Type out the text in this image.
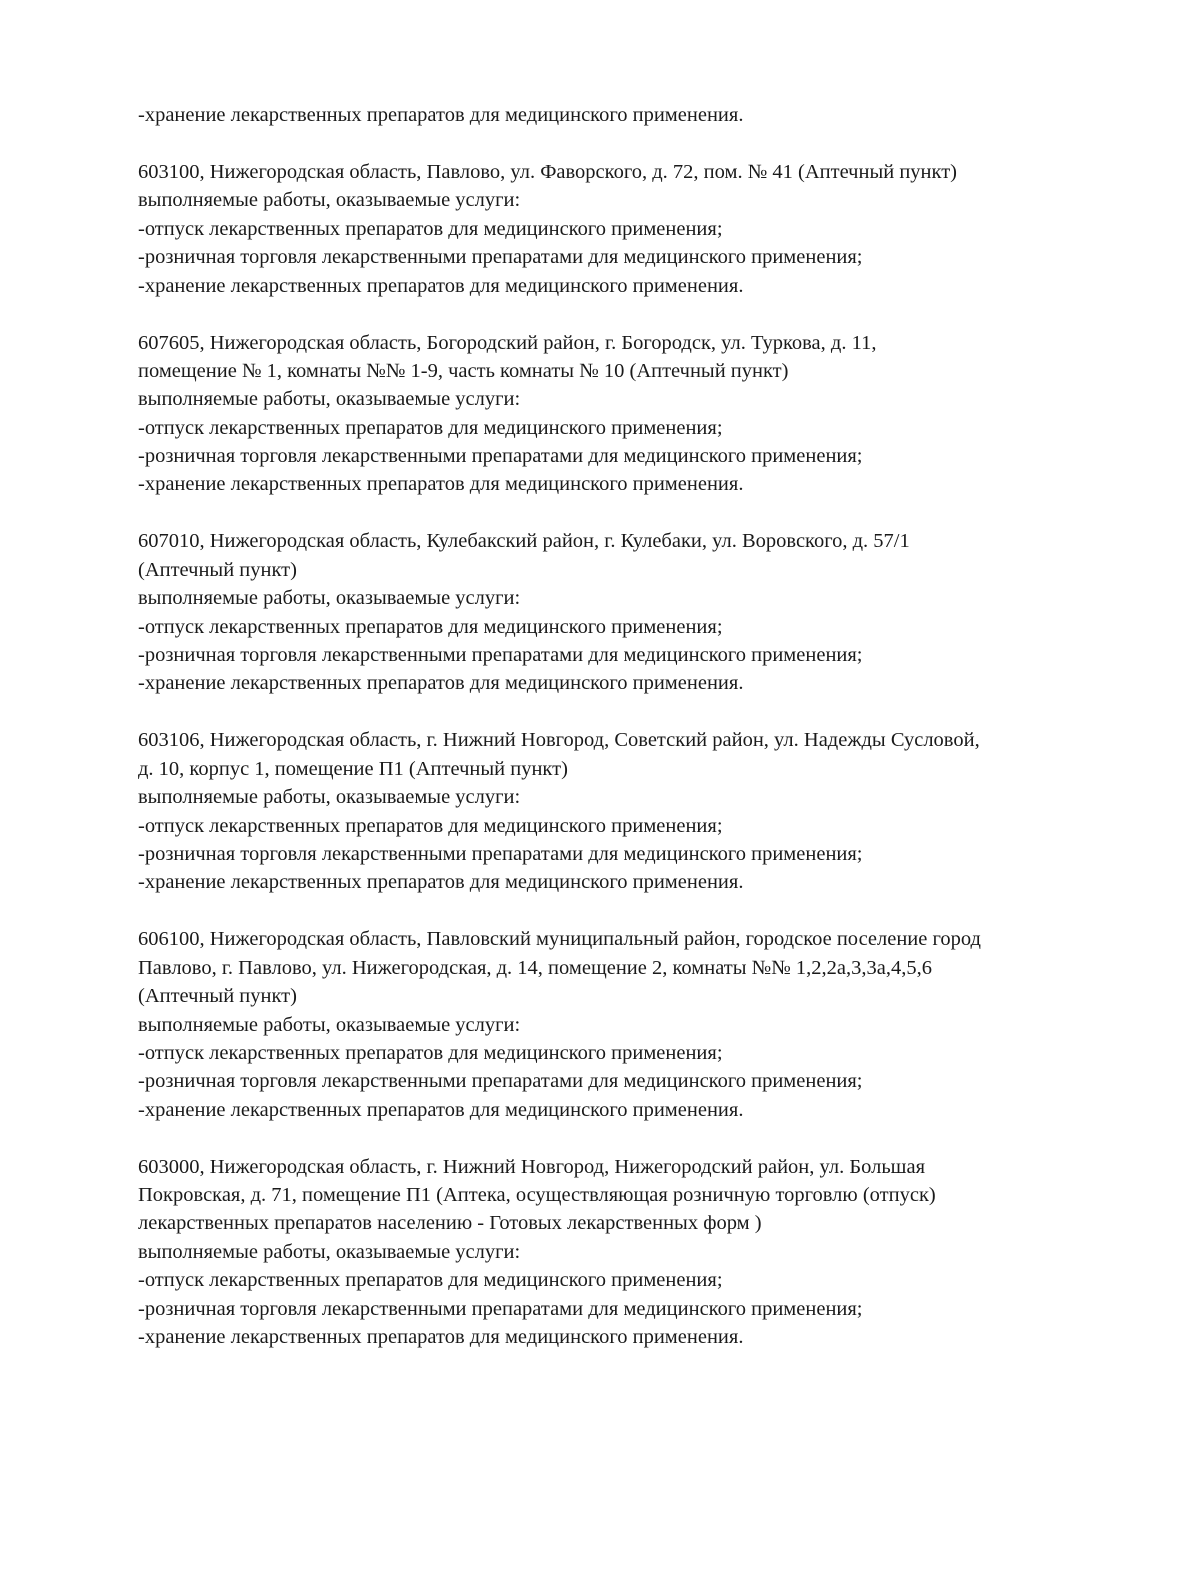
-хранение лекарственных препаратов для медицинского применения.
603100, Нижегородская область, Павлово, ул. Фаворского, д. 72, пом. № 41 (Аптечный пункт)
выполняемые работы, оказываемые услуги:
-отпуск лекарственных препаратов для медицинского применения;
-розничная торговля лекарственными препаратами для медицинского применения;
-хранение лекарственных препаратов для медицинского применения.
607605, Нижегородская область, Богородский район, г. Богородск, ул. Туркова, д. 11,
помещение № 1, комнаты №№ 1-9, часть комнаты № 10 (Аптечный пункт)
выполняемые работы, оказываемые услуги:
-отпуск лекарственных препаратов для медицинского применения;
-розничная торговля лекарственными препаратами для медицинского применения;
-хранение лекарственных препаратов для медицинского применения.
607010, Нижегородская область, Кулебакский район, г. Кулебаки, ул. Воровского, д. 57/1
(Аптечный пункт)
выполняемые работы, оказываемые услуги:
-отпуск лекарственных препаратов для медицинского применения;
-розничная торговля лекарственными препаратами для медицинского применения;
-хранение лекарственных препаратов для медицинского применения.
603106, Нижегородская область, г. Нижний Новгород, Советский район, ул. Надежды Сусловой,
д. 10, корпус 1, помещение П1 (Аптечный пункт)
выполняемые работы, оказываемые услуги:
-отпуск лекарственных препаратов для медицинского применения;
-розничная торговля лекарственными препаратами для медицинского применения;
-хранение лекарственных препаратов для медицинского применения.
606100, Нижегородская область, Павловский муниципальный район, городское поселение город
Павлово, г. Павлово, ул. Нижегородская, д. 14, помещение 2, комнаты №№ 1,2,2а,3,3а,4,5,6
(Аптечный пункт)
выполняемые работы, оказываемые услуги:
-отпуск лекарственных препаратов для медицинского применения;
-розничная торговля лекарственными препаратами для медицинского применения;
-хранение лекарственных препаратов для медицинского применения.
603000, Нижегородская область, г. Нижний Новгород, Нижегородский район, ул. Большая
Покровская, д. 71, помещение П1 (Аптека, осуществляющая розничную торговлю (отпуск)
лекарственных препаратов населению - Готовых лекарственных форм )
выполняемые работы, оказываемые услуги:
-отпуск лекарственных препаратов для медицинского применения;
-розничная торговля лекарственными препаратами для медицинского применения;
-хранение лекарственных препаратов для медицинского применения.
